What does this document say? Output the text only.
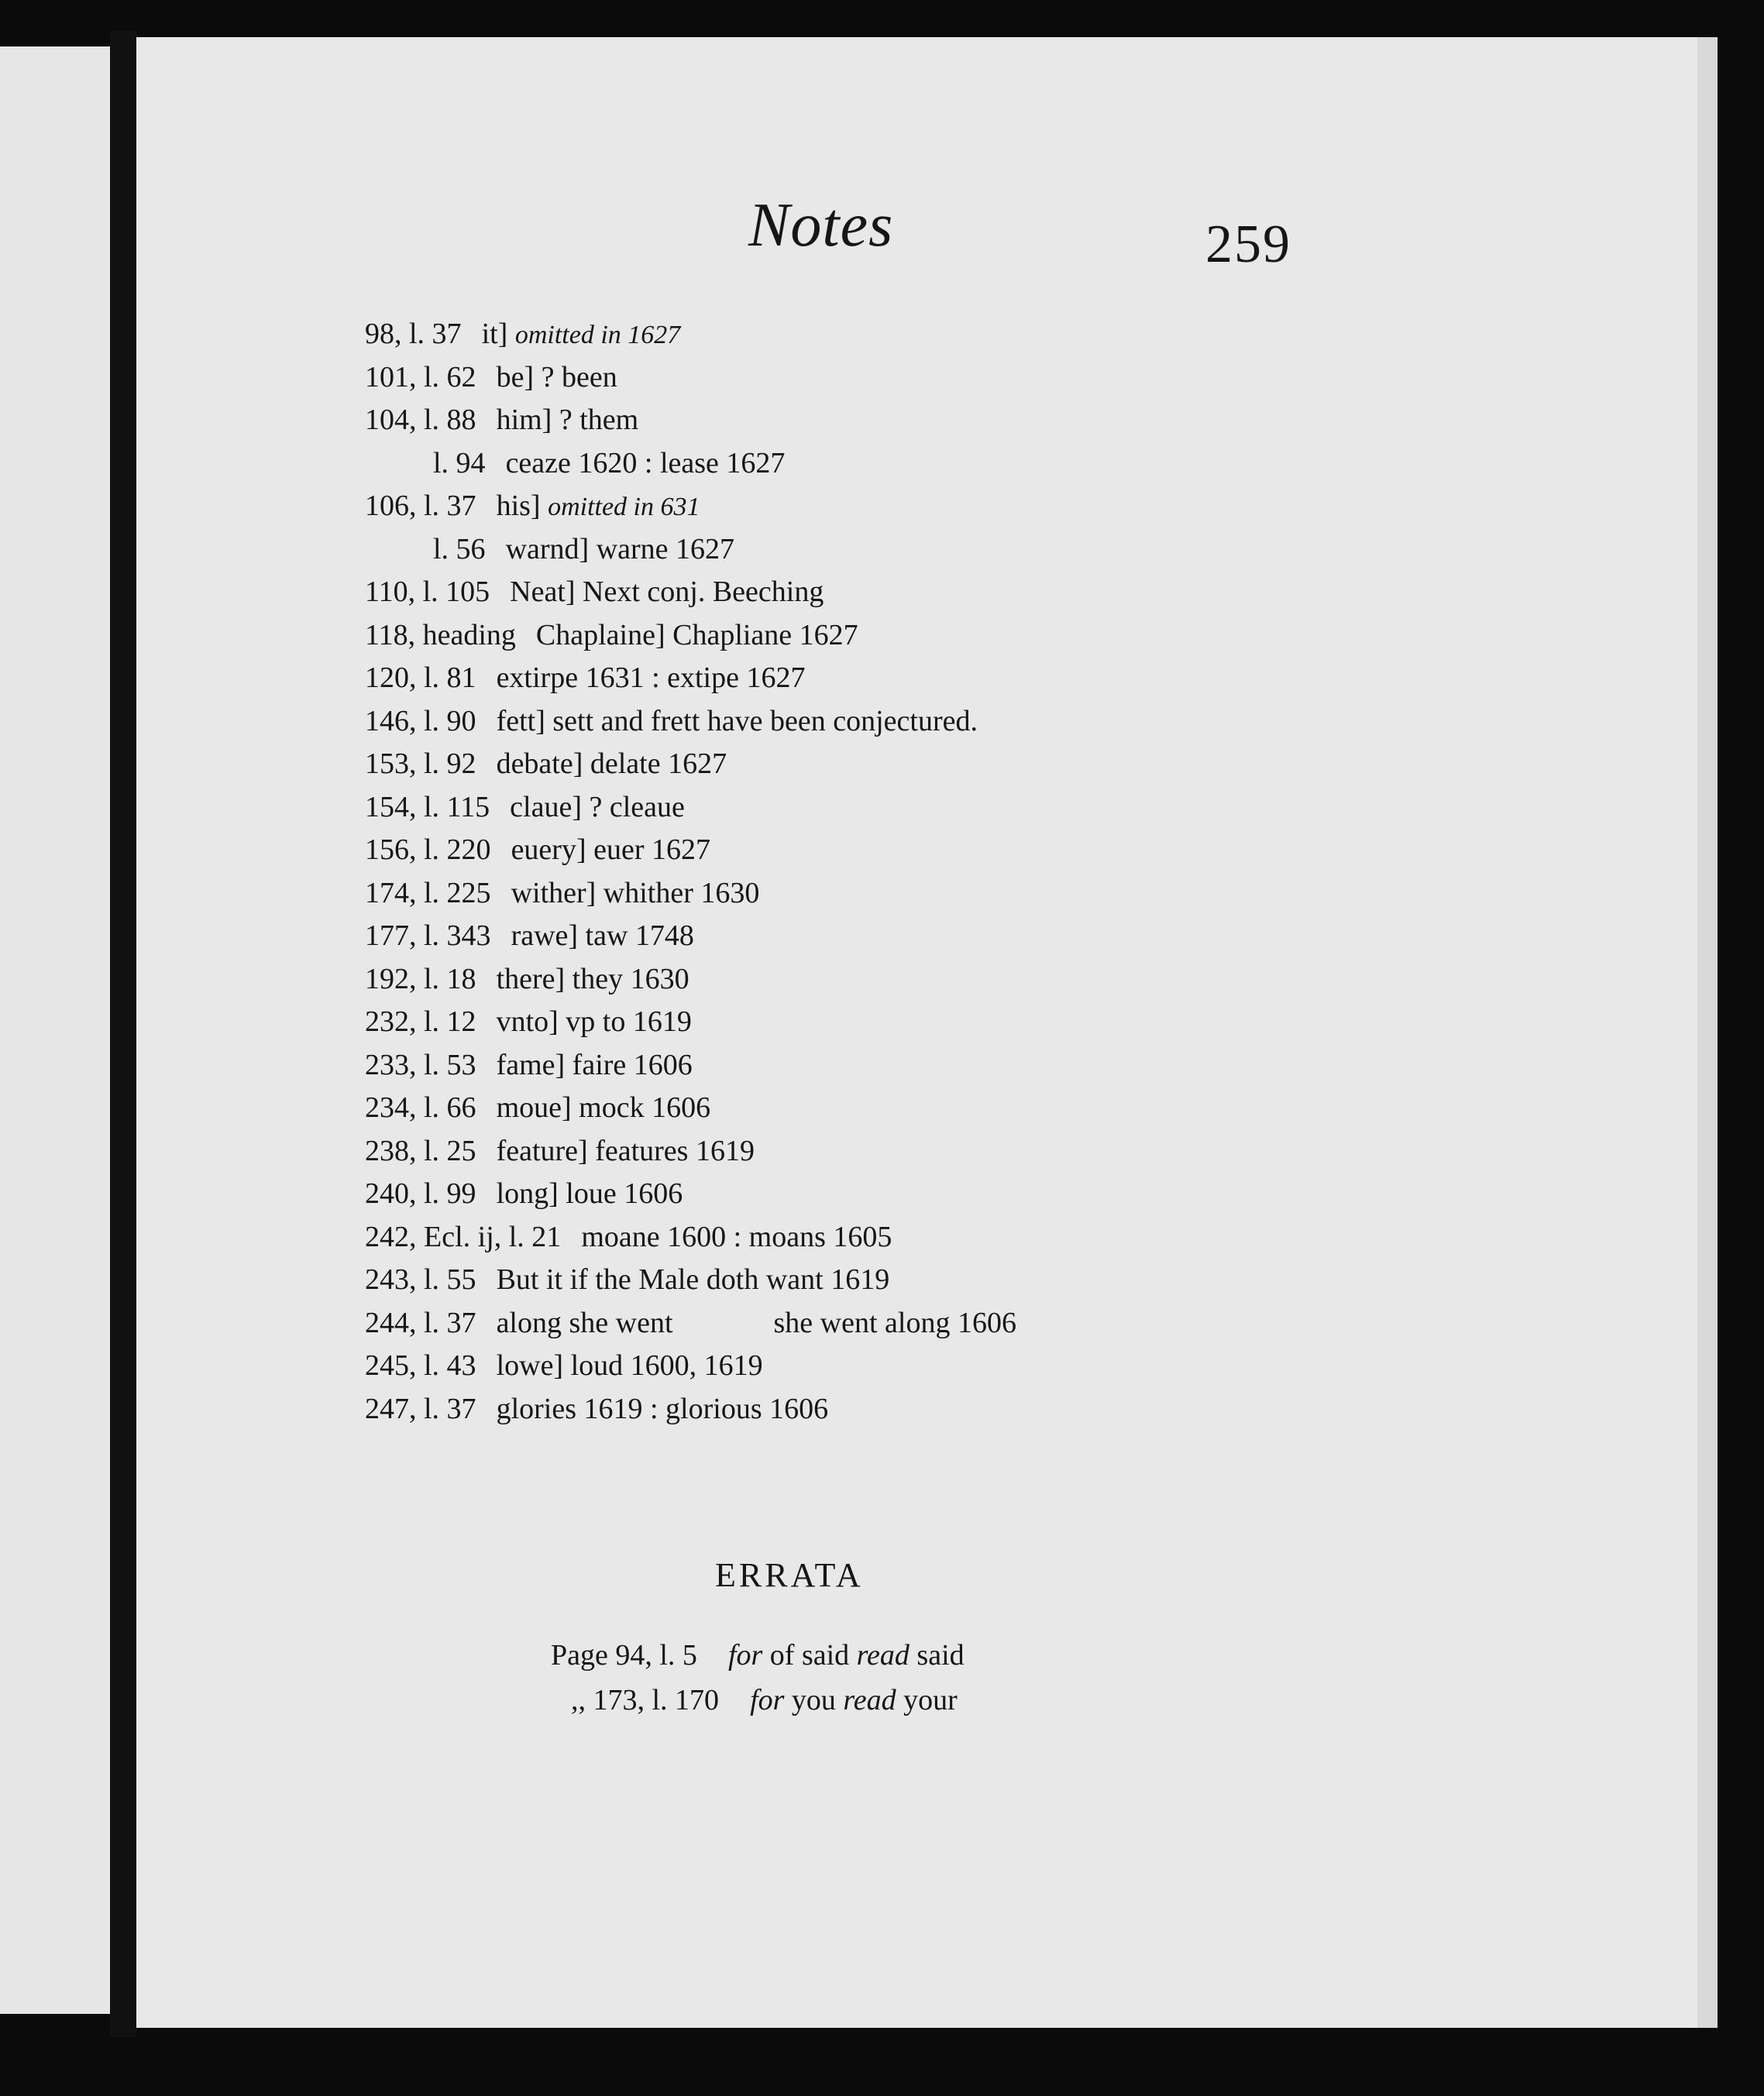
Notes	259
98, l. 37 it] omitted in 1627
101, l. 62 be] ? been
104, l. 88 him] ? them
l. 94 ceaze 1620 : lease 1627
106, l. 37 his] omitted in 631
l. 56 warnd] warne 1627
110, l. 105 Neat] Next conj. Beeching
118, heading Chaplaine] Chapliane 1627
120, l. 81 extirpe 1631 : extipe 1627
146, l. 90 fett] sett and frett have been conjectured.
153, l. 92 debate] delate 1627
154, l. 115 claue] ? cleaue
156, l. 220 euery] euer 1627
174, l. 225 wither] whither 1630
177, l. 343 rawe] taw 1748
192, l. 18 there] they 1630
232, l. 12 vnto] vp to 1619
233, l. 53 fame] faire 1606
234, l. 66 moue] mock 1606
238, l. 25 feature] features 1619
240, l. 99 long] loue 1606
242, Ecl. ij, l. 21 moane 1600 : moans 1605
243, l. 55 But it if the Male doth want 1619
244, l. 37 along she went	she went along 1606
245, l. 43 lowe] loud 1600, 1619
247, l. 37 glories 1619 : glorious 1606
ERRATA
Page 94, l. 5 for of said read said
,, 173, l. 170 for you read your
